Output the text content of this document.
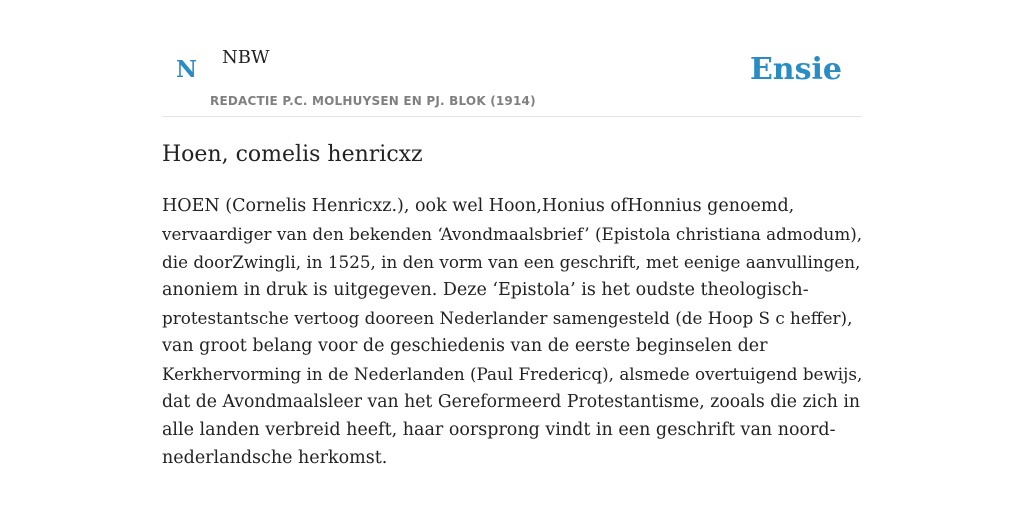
N NBW
REDACTIE P.C. MOLHUYSEN EN PJ. BLOK (1914)
Ensie
Hoen, comelis henricxz

HOEN (Cornelis Henricxz.), ook wel Hoon,Honius ofHonnius genoemd,
vervaardiger van den bekenden ‘Avondmaalsbrief’ (Epistola christiana admodum),
die doorZwingli, in 1525, in den vorm van een geschrift, met eenige aanvullingen,
anoniem in druk is uitgegeven. Deze ‘Epistola’ is het oudste theologisch-
protestantsche vertoog dooreen Nederlander samengesteld (de Hoop S c heffer),
van groot belang voor de geschiedenis van de eerste beginselen der
Kerkhervorming in de Nederlanden (Paul Fredericq), alsmede overtuigend bewijs,
dat de Avondmaalsleer van het Gereformeerd Protestantisme, zooals die zich in
alle landen verbreid heeft, haar oorsprong vindt in een geschrift van noord-
nederlandsche herkomst.
